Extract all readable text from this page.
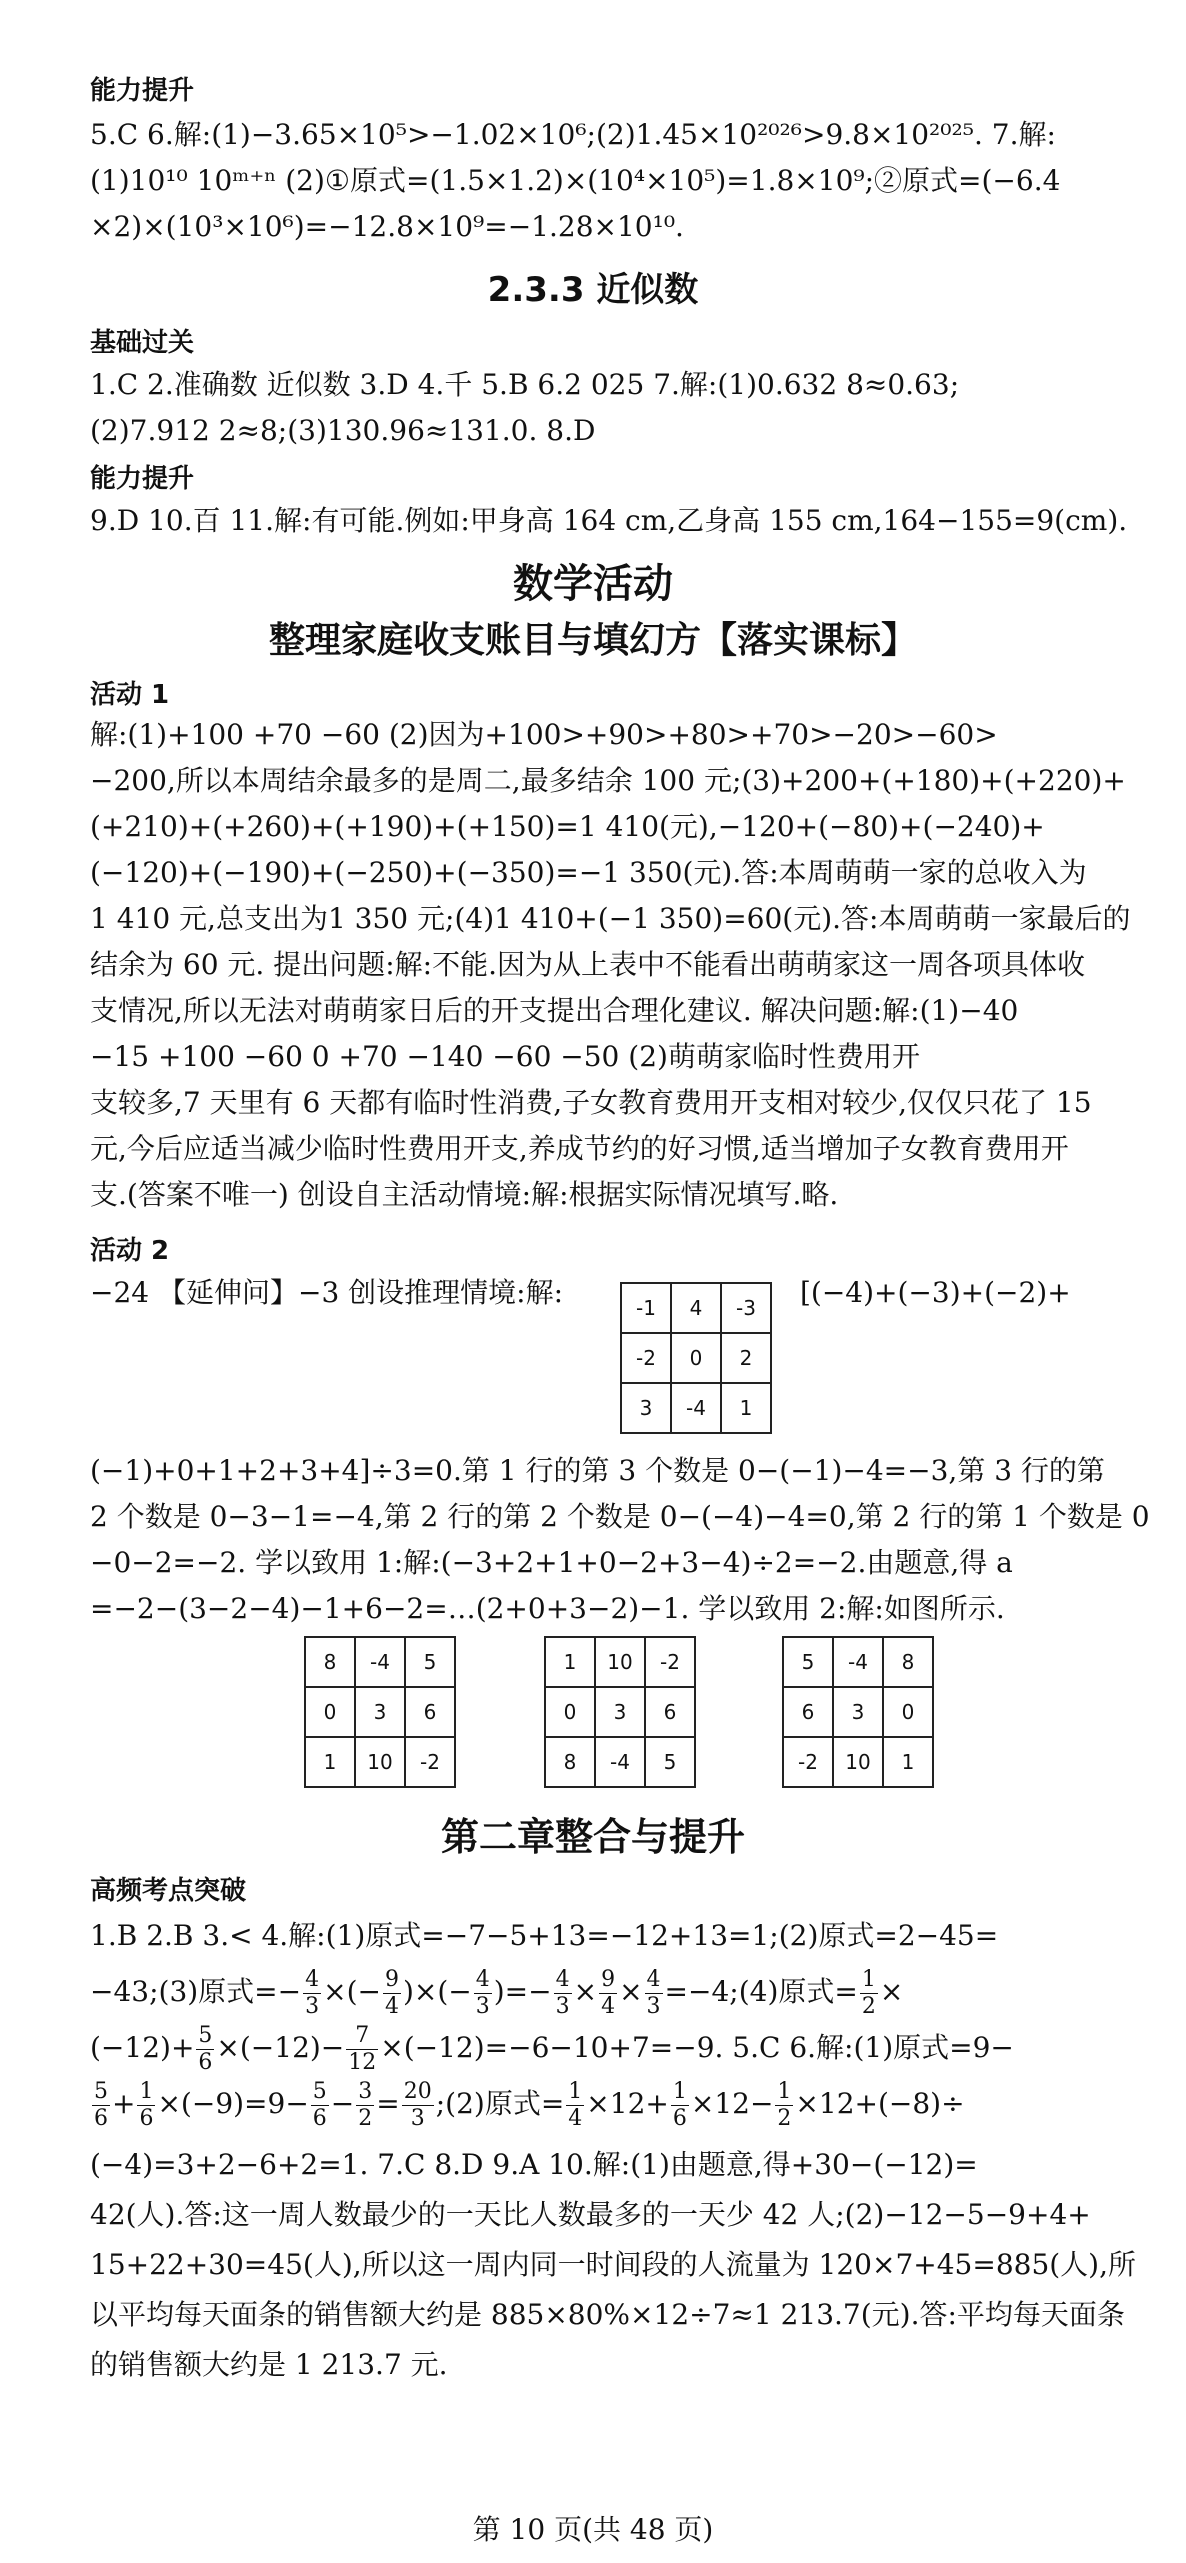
能力提升
5.C 6.解:(1)−3.65×10⁵>−1.02×10⁶;(2)1.45×10²⁰²⁶>9.8×10²⁰²⁵. 7.解:
(1)10¹⁰ 10ᵐ⁺ⁿ (2)①原式=(1.5×1.2)×(10⁴×10⁵)=1.8×10⁹;②原式=(−6.4
×2)×(10³×10⁶)=−12.8×10⁹=−1.28×10¹⁰.
2.3.3 近似数
基础过关
1.C 2.准确数 近似数 3.D 4.千 5.B 6.2 025 7.解:(1)0.632 8≈0.63;
(2)7.912 2≈8;(3)130.96≈131.0. 8.D
能力提升
9.D 10.百 11.解:有可能.例如:甲身高 164 cm,乙身高 155 cm,164−155=9(cm).
数学活动
整理家庭收支账目与填幻方【落实课标】
活动 1
解:(1)+100 +70 −60 (2)因为+100>+90>+80>+70>−20>−60>
−200,所以本周结余最多的是周二,最多结余 100 元;(3)+200+(+180)+(+220)+
(+210)+(+260)+(+190)+(+150)=1 410(元),−120+(−80)+(−240)+
(−120)+(−190)+(−250)+(−350)=−1 350(元).答:本周萌萌一家的总收入为
1 410 元,总支出为1 350 元;(4)1 410+(−1 350)=60(元).答:本周萌萌一家最后的
结余为 60 元. 提出问题:解:不能.因为从上表中不能看出萌萌家这一周各项具体收
支情况,所以无法对萌萌家日后的开支提出合理化建议. 解决问题:解:(1)−40
−15 +100 −60 0 +70 −140 −60 −50 (2)萌萌家临时性费用开
支较多,7 天里有 6 天都有临时性消费,子女教育费用开支相对较少,仅仅只花了 15
元,今后应适当减少临时性费用开支,养成节约的好习惯,适当增加子女教育费用开
支.(答案不唯一) 创设自主活动情境:解:根据实际情况填写.略.
活动 2
−24 【延伸问】−3 创设推理情境:解:	[(−4)+(−3)+(−2)+
-1	4	-3
-2	0	2
3	-4	1
(−1)+0+1+2+3+4]÷3=0.第 1 行的第 3 个数是 0−(−1)−4=−3,第 3 行的第
2 个数是 0−3−1=−4,第 2 行的第 2 个数是 0−(−4)−4=0,第 2 行的第 1 个数是 0
−0−2=−2. 学以致用 1:解:(−3+2+1+0−2+3−4)÷2=−2.由题意,得 a
=−2−(3−2−4)−1+6−2=…(2+0+3−2)−1. 学以致用 2:解:如图所示.
8	-4	5
0	3	6
1	10	-2
1	10	-2
0	3	6
8	-4	5
5	-4	8
6	3	0
-2	10	1
第二章整合与提升
高频考点突破
1.B 2.B 3.< 4.解:(1)原式=−7−5+13=−12+13=1;(2)原式=2−45=
−43;(3)原式=− $\frac{4}{3}$ ×(− $\frac{9}{4}$ )×(− $\frac{4}{3}$ )=− $\frac{4}{3} \times \frac{9}{4} \times \frac{4}{3}$ =−4;(4)原式= $\frac{1}{2}$ ×
$(-12)+ \frac{5}{6} \times(-12)- \frac{7}{12} \times(-12)=-6-10+7=-9$. 5.C 6.解:(1)原式=9−
$\frac{5}{6} + \frac{1}{6} \times(-9)=9- \frac{5}{6} - \frac{3}{2} = \frac{20}{3}$ ;(2)原式= $\frac{1}{4} \times 12+ \frac{1}{6} \times 12- \frac{1}{2} \times 12+(-8)\div$
(−4)=3+2−6+2=1. 7.C 8.D 9.A 10.解:(1)由题意,得+30−(−12)=
42(人).答:这一周人数最少的一天比人数最多的一天少 42 人;(2)−12−5−9+4+
15+22+30=45(人),所以这一周内同一时间段的人流量为 120×7+45=885(人),所
以平均每天面条的销售额大约是 885×80%×12÷7≈1 213.7(元).答:平均每天面条
的销售额大约是 1 213.7 元.
第 10 页(共 48 页)
